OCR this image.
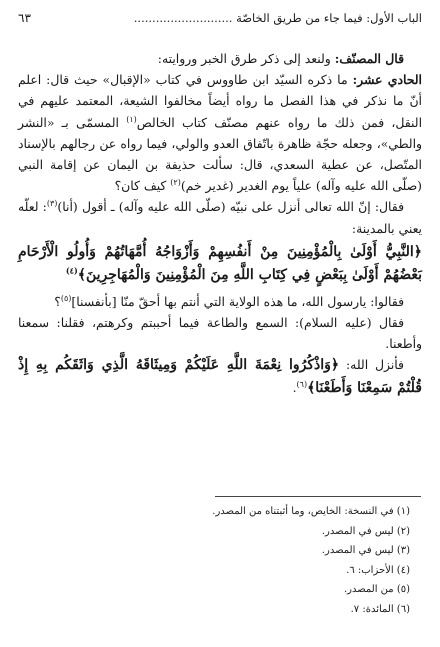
الباب الأول: فيما جاء من طريق الخاصّة ...........................
٦٣

قال المصنّف: ولنعد إلى ذكر طرق الخبر وروايته:

الحادي عشر: ما ذكره السيّد ابن طاووس في كتاب «الإقبال» حيث قال: اعلم أنّ ما نذكر في هذا الفصل ما رواه أيضاً مخالفوا الشيعة، المعتمد عليهم في النقل، فمن ذلك ما رواه عنهم مصنّف كتاب الخالص$^{(١)}$ المسمّى بـ «النشر والطي»، وجعله حجّة ظاهرة باتّفاق العدو والولي، فيما رواه عن رجالهم بالإسناد المتّصل، عن عطية السعدي، قال: سألت حذيفة بن اليمان عن إقامة النبي (صلّى الله عليه وآله) علياً يوم الغدير (غدير خم)$^{(٢)}$ كيف كان؟

فقال: إنّ الله تعالى أنزل على نبيّه (صلّى الله عليه وآله) ـ أقول (أنا)$^{(٣)}$: لعلّه يعني بالمدينة:

﴿النَّبِيُّ أَوْلَىٰ بِالْمُؤْمِنِينَ مِنْ أَنفُسِهِمْ وَأَزْوَاجُهُ أُمَّهَاتُهُمْ وَأُولُو الْأَرْحَامِ بَعْضُهُمْ أَوْلَىٰ بِبَعْضٍ فِي كِتَابِ اللَّهِ مِنَ الْمُؤْمِنِينَ وَالْمُهَاجِرِينَ﴾$^{(٤)}$

فقالوا: يارسول الله، ما هذه الولاية التي أنتم بها أحقّ منّا [بأنفسنا]$^{(٥)}$؟

فقال (عليه السلام): السمع والطاعة فيما أحببتم وكرهتم، فقلنا: سمعنا وأطعنا.

فأنزل الله: ﴿وَاذْكُرُوا نِعْمَةَ اللَّهِ عَلَيْكُمْ وَمِيثَاقَهُ الَّذِي وَاثَقَكُم بِهِ إِذْ قُلْتُمْ سَمِعْنَا وَأَطَعْنَا﴾$^{(٦)}$.

(١) في النسخة: الخايص، وما أثبتناه من المصدر.
(٢) ليس في المصدر.
(٣) ليس في المصدر.
(٤) الأحزاب: ٦.
(٥) من المصدر.
(٦) المائدة: ٧.
